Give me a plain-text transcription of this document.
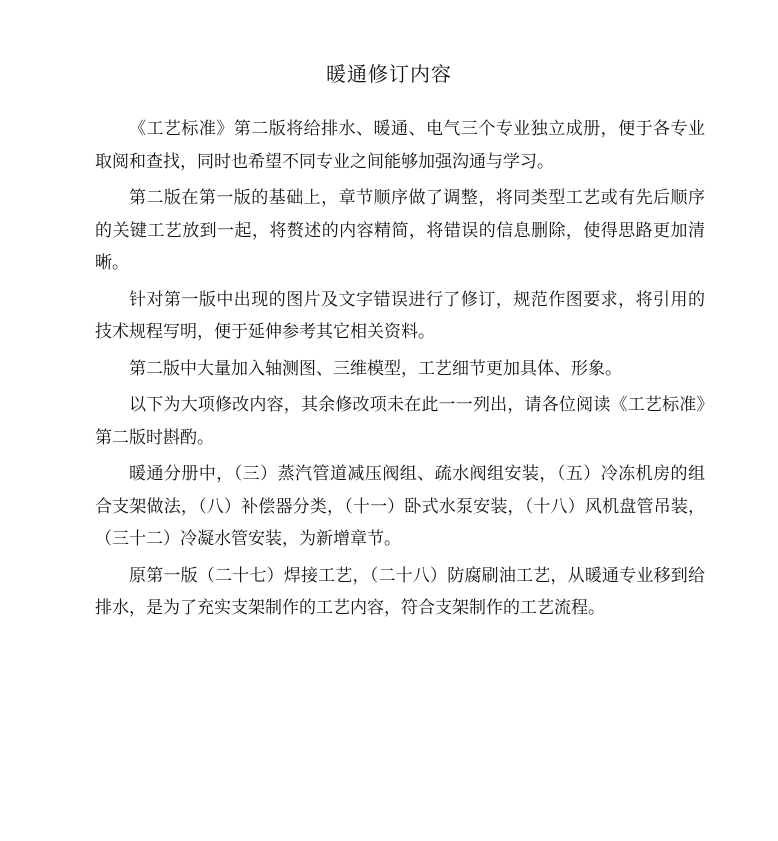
暖通修订内容

《工艺标准》第二版将给排水、暖通、电气三个专业独立成册，便于各专业取阅和查找，同时也希望不同专业之间能够加强沟通与学习。

第二版在第一版的基础上，章节顺序做了调整，将同类型工艺或有先后顺序的关键工艺放到一起，将赘述的内容精简，将错误的信息删除，使得思路更加清晰。

针对第一版中出现的图片及文字错误进行了修订，规范作图要求，将引用的技术规程写明，便于延伸参考其它相关资料。

第二版中大量加入轴测图、三维模型，工艺细节更加具体、形象。

以下为大项修改内容，其余修改项未在此一一列出，请各位阅读《工艺标准》第二版时斟酌。

暖通分册中，（三）蒸汽管道减压阀组、疏水阀组安装，（五）冷冻机房的组合支架做法，（八）补偿器分类，（十一）卧式水泵安装，（十八）风机盘管吊装，（三十二）冷凝水管安装，为新增章节。

原第一版（二十七）焊接工艺，（二十八）防腐刷油工艺，从暖通专业移到给排水，是为了充实支架制作的工艺内容，符合支架制作的工艺流程。
